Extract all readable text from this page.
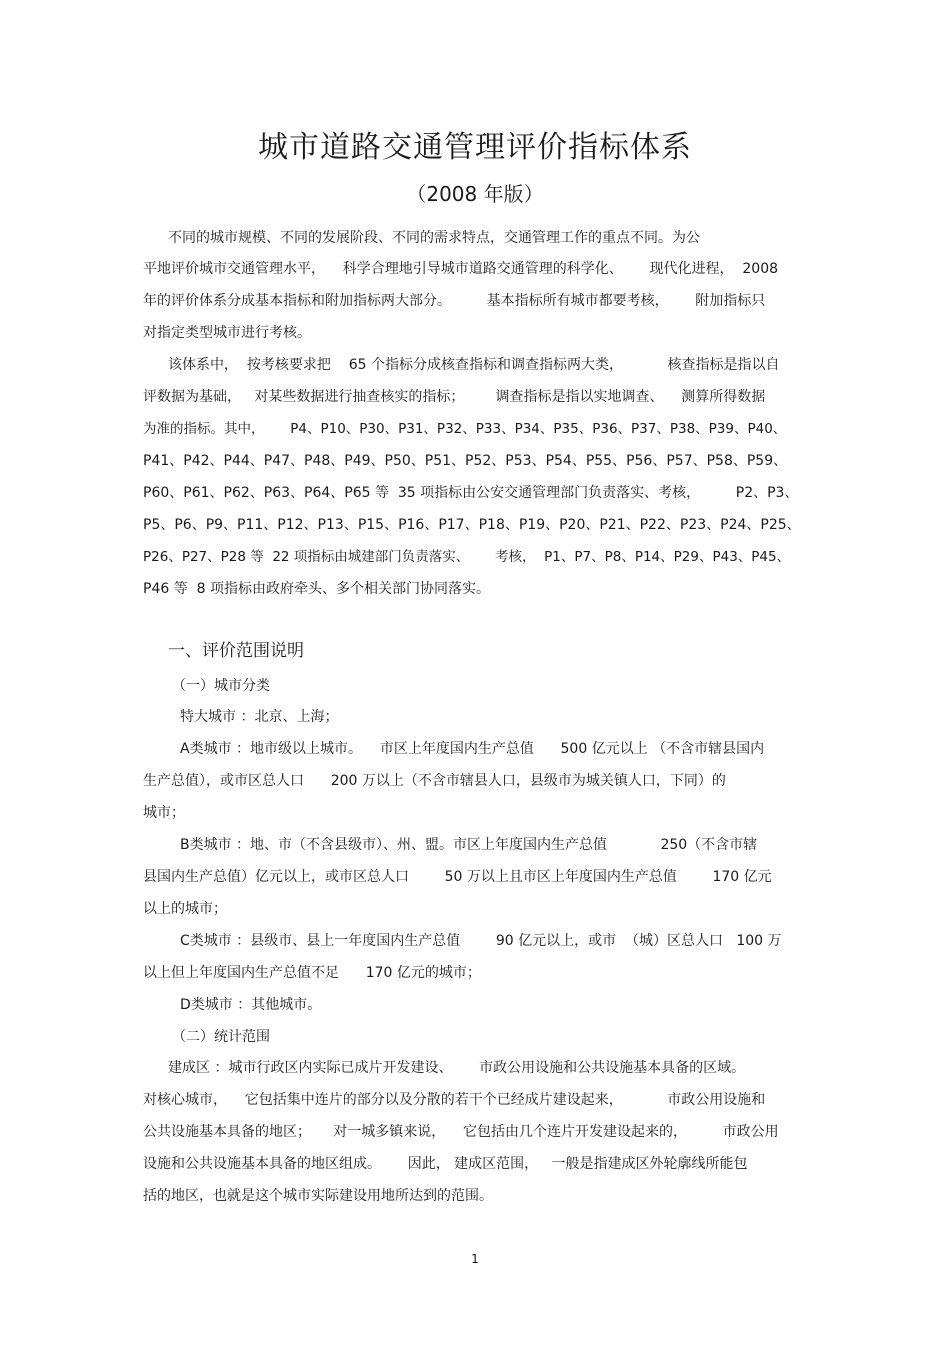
城市道路交通管理评价指标体系
（2008 年版）
不同的城市规模、不同的发展阶段、不同的需求特点，交通管理工作的重点不同。为公
平地评价城市交通管理水平，    科学合理地引导城市道路交通管理的科学化、      现代化进程，  2008
年的评价体系分成基本指标和附加指标两大部分。        基本指标所有城市都要考核，      附加指标只
对指定类型城市进行考核。
该体系中，  按考核要求把    65 个指标分成核查指标和调查指标两大类，          核查指标是指以自
评数据为基础，   对某些数据进行抽查核实的指标；       调查指标是指以实地调查、    测算所得数据
为准的指标。其中，      P4、P10、P30、P31、P32、P33、P34、P35、P36、P37、P38、P39、P40、
P41、P42、P44、P47、P48、P49、P50、P51、P52、P53、P54、P55、P56、P57、P58、P59、
P60、P61、P62、P63、P64、P65 等  35 项指标由公安交通管理部门负责落实、考核，        P2、P3、
P5、P6、P9、P11、P12、P13、P15、P16、P17、P18、P19、P20、P21、P22、P23、P24、P25、
P26、P27、P28 等  22 项指标由城建部门负责落实、      考核，  P1、P7、P8、P14、P29、P43、P45、
P46 等  8 项指标由政府牵头、多个相关部门协同落实。
一、评价范围说明
（一）城市分类
特大城市 ：北京、上海；
A类城市 ：地市级以上城市。    市区上年度国内生产总值      500 亿元以上 （不含市辖县国内
生产总值），或市区总人口      200 万以上（不含市辖县人口，县级市为城关镇人口，下同）的
城市；
B类城市 ：地、市（不含县级市）、州、盟。市区上年度国内生产总值            250（不含市辖
县国内生产总值）亿元以上，或市区总人口        50 万以上且市区上年度国内生产总值        170 亿元
以上的城市；
C类城市 ：县级市、县上一年度国内生产总值        90 亿元以上，或市  （城）区总人口   100 万
以上但上年度国内生产总值不足      170 亿元的城市；
D类城市 ：其他城市。
（二）统计范围
建成区 ：城市行政区内实际已成片开发建设、      市政公用设施和公共设施基本具备的区域。
对核心城市，    它包括集中连片的部分以及分散的若干个已经成片建设起来，          市政公用设施和
公共设施基本具备的地区；     对一城多镇来说，    它包括由几个连片开发建设起来的，        市政公用
设施和公共设施基本具备的地区组成。      因此， 建成区范围，   一般是指建成区外轮廓线所能包
括的地区，也就是这个城市实际建设用地所达到的范围。
1
